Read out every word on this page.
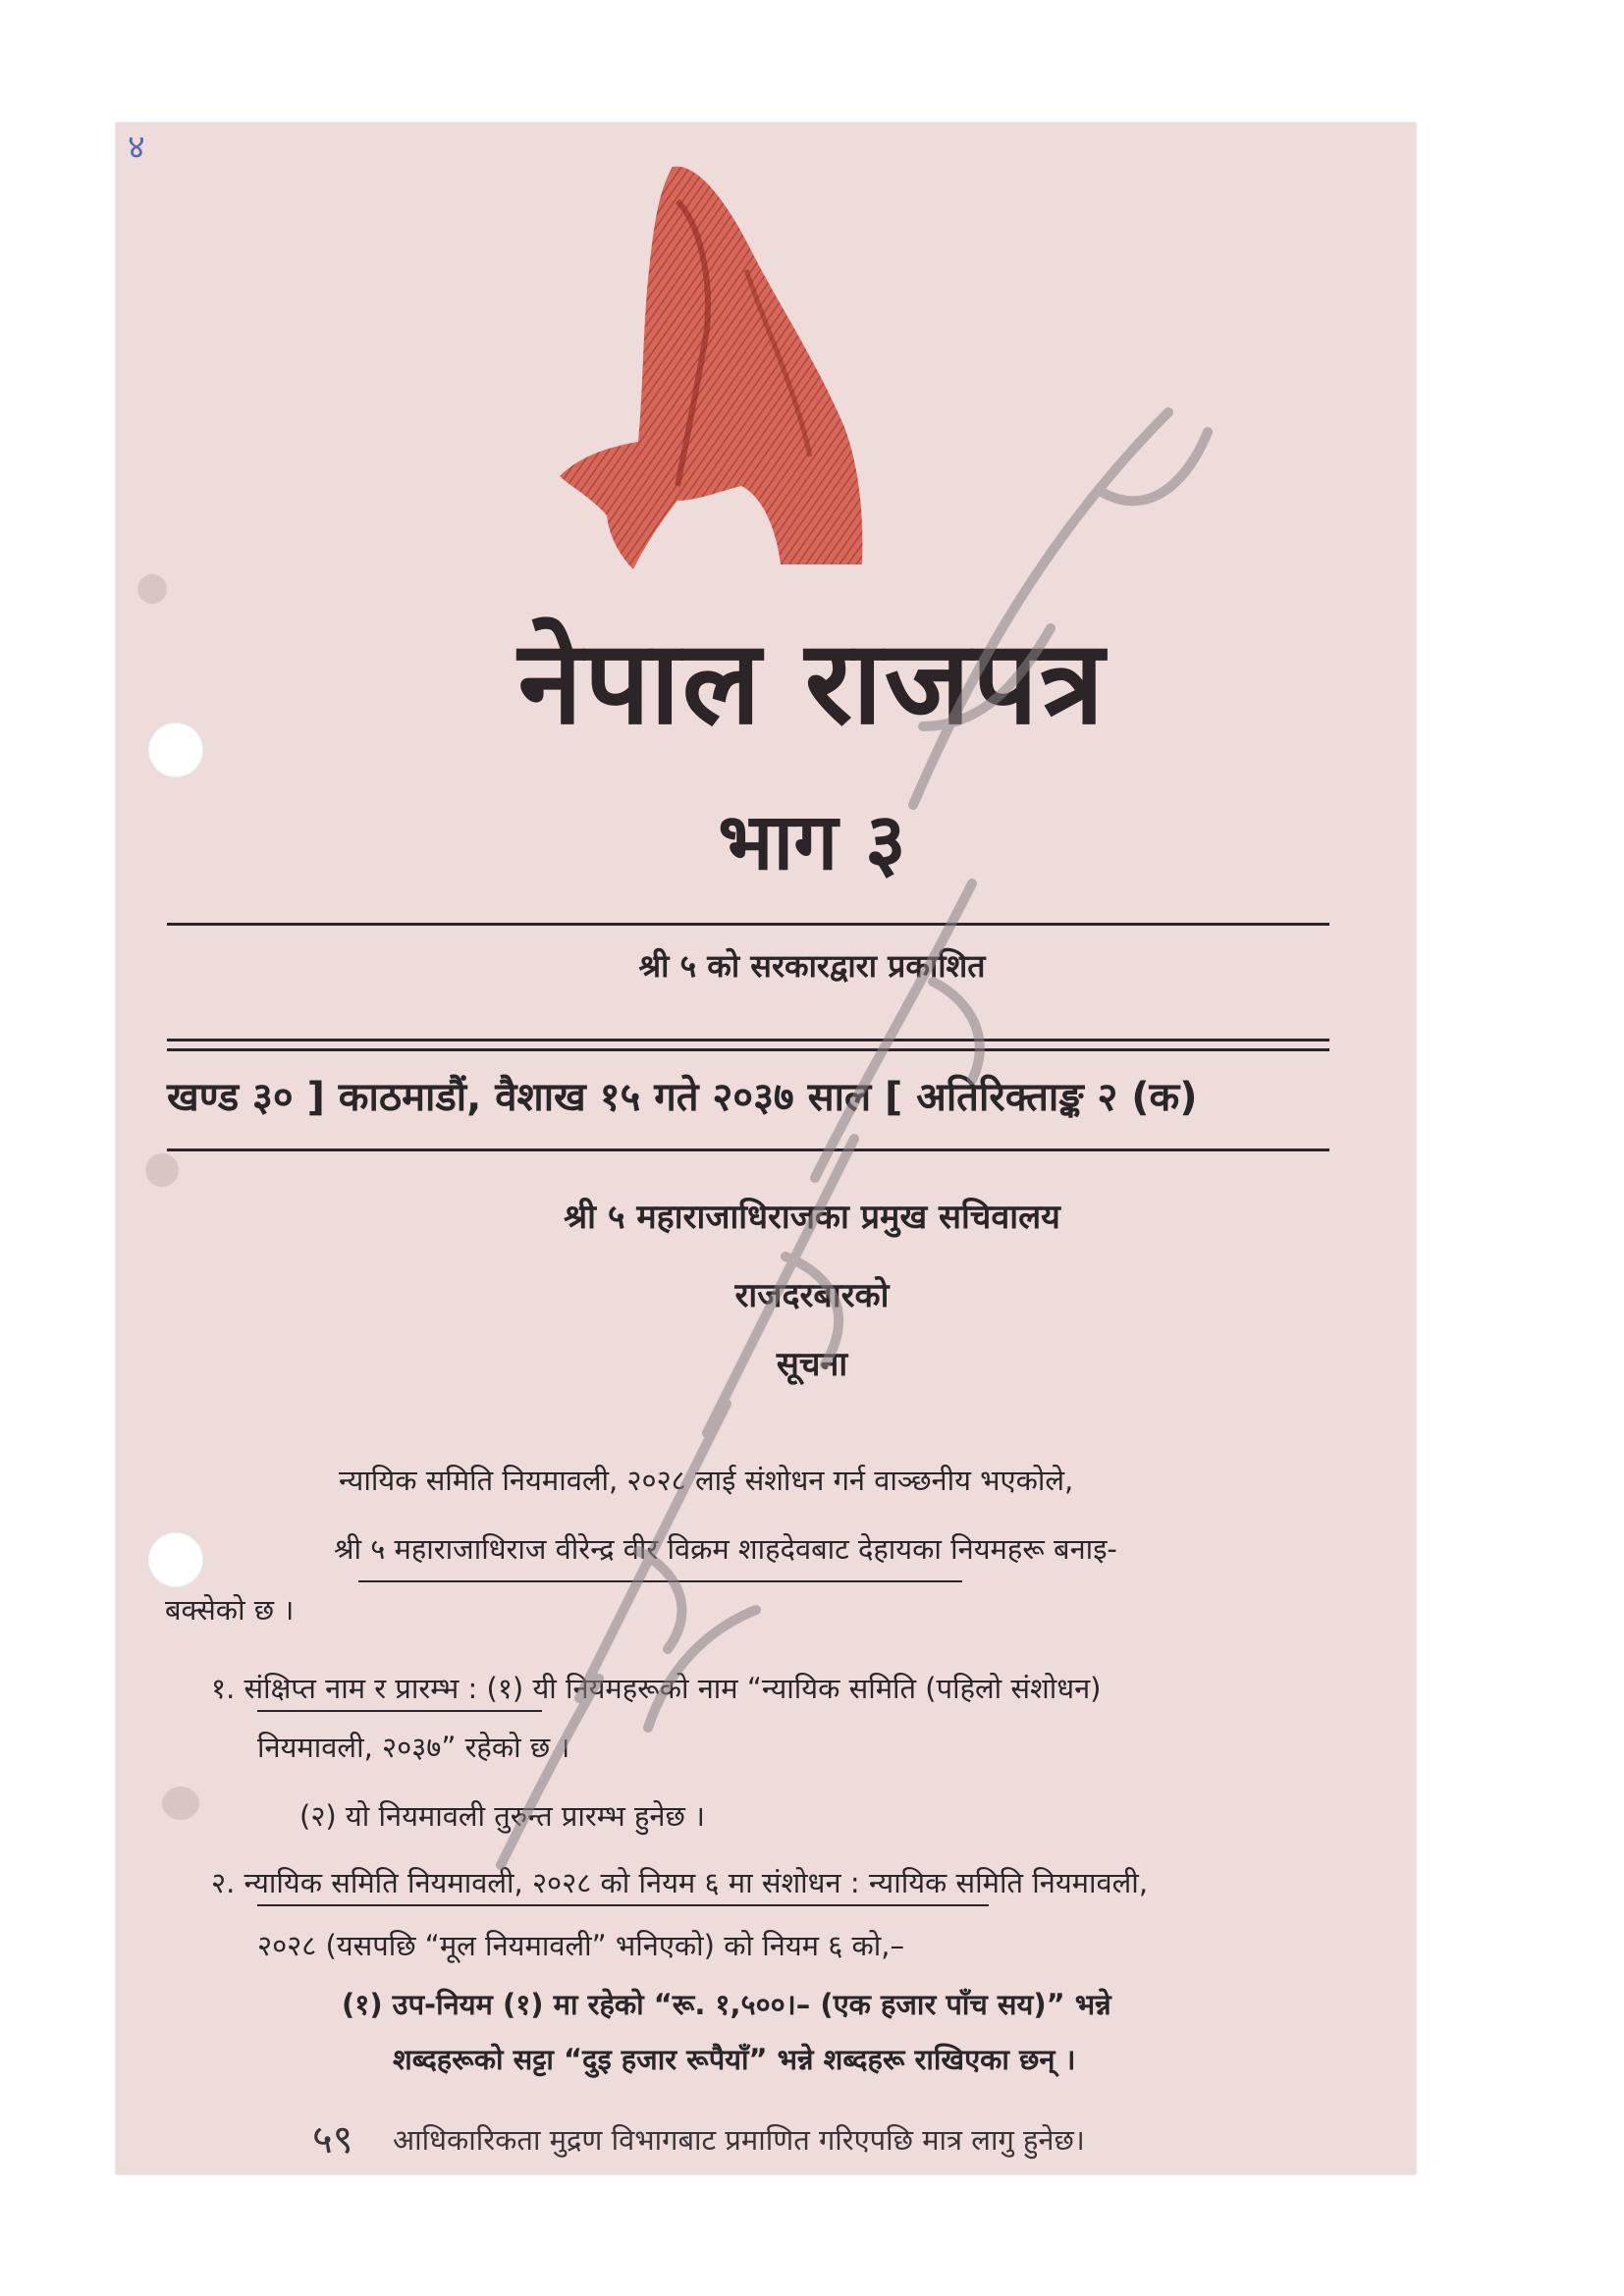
४
नेपाल राजपत्र
भाग ३
श्री ५ को सरकारद्वारा प्रकाशित
खण्ड ३० ] काठमाडौं, वैशाख १५ गते २०३७ साल [ अतिरिक्ताङ्क २ (क)
श्री ५ महाराजाधिराजका प्रमुख सचिवालय
राजदरबारको
सूचना
न्यायिक समिति नियमावली, २०२८ लाई संशोधन गर्न वाञ्छनीय भएकोले,
श्री ५ महाराजाधिराज वीरेन्द्र वीर विक्रम शाहदेवबाट देहायका नियमहरू बनाइ-
बक्सेको छ ।
१. संक्षिप्त नाम र प्रारम्भ : (१) यी नियमहरूको नाम “न्यायिक समिति (पहिलो संशोधन)
नियमावली, २०३७” रहेको छ ।
(२) यो नियमावली तुरुन्त प्रारम्भ हुनेछ ।
२. न्यायिक समिति नियमावली, २०२८ को नियम ६ मा संशोधन : न्यायिक समिति नियमावली,
२०२८ (यसपछि “मूल नियमावली” भनिएको) को नियम ६ को,–
(१) उप-नियम (१) मा रहेको “रू. १,५००।– (एक हजार पाँच सय)” भन्ने
शब्दहरूको सट्टा “दुइ हजार रूपैयाँ” भन्ने शब्दहरू राखिएका छन् ।
५९ आधिकारिकता मुद्रण विभागबाट प्रमाणित गरिएपछि मात्र लागु हुनेछ।
